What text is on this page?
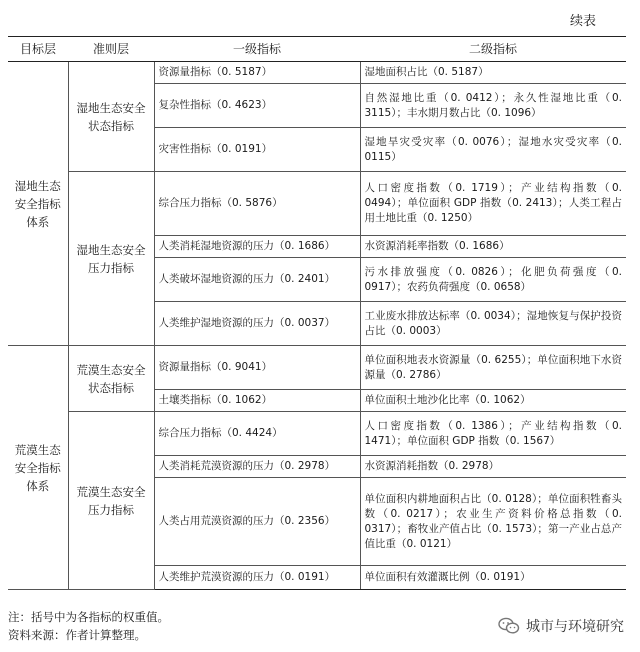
续表
目标层	准则层	一级指标	二级指标
湿地生态安全指标体系	湿地生态安全状态指标	资源量指标（0. 5187）	湿地面积占比（0. 5187）
		复杂性指标（0. 4623）	自然湿地比重（0. 0412）；永久性湿地比重（0. 3115）；丰水期月数占比（0. 1096）
		灾害性指标（0. 0191）	湿地旱灾受灾率（0. 0076）；湿地水灾受灾率（0. 0115）
	湿地生态安全压力指标	综合压力指标（0. 5876）	人口密度指数（0. 1719）；产业结构指数（0. 0494）；单位面积 GDP 指数（0. 2413）；人类工程占用土地比重（0. 1250）
		人类消耗湿地资源的压力（0. 1686）	水资源消耗率指数（0. 1686）
		人类破坏湿地资源的压力（0. 2401）	污水排放强度（0. 0826）；化肥负荷强度（0. 0917）；农药负荷强度（0. 0658）
		人类维护湿地资源的压力（0. 0037）	工业废水排放达标率（0. 0034）；湿地恢复与保护投资占比（0. 0003）
荒漠生态安全指标体系	荒漠生态安全状态指标	资源量指标（0. 9041）	单位面积地表水资源量（0. 6255）；单位面积地下水资源量（0. 2786）
		土壤类指标（0. 1062）	单位面积土地沙化比率（0. 1062）
	荒漠生态安全压力指标	综合压力指标（0. 4424）	人口密度指数（0. 1386）；产业结构指数（0. 1471）；单位面积 GDP 指数（0. 1567）
		人类消耗荒漠资源的压力（0. 2978）	水资源消耗指数（0. 2978）
		人类占用荒漠资源的压力（0. 2356）	单位面积内耕地面积占比（0. 0128）；单位面积牲畜头数（0. 0217）；农业生产资料价格总指数（0. 0317）；畜牧业产值占比（0. 1573）；第一产业占总产值比重（0. 0121）
		人类维护荒漠资源的压力（0. 0191）	单位面积有效灌溉比例（0. 0191）
注：括号中为各指标的权重值。
资料来源：作者计算整理。	城市与环境研究
